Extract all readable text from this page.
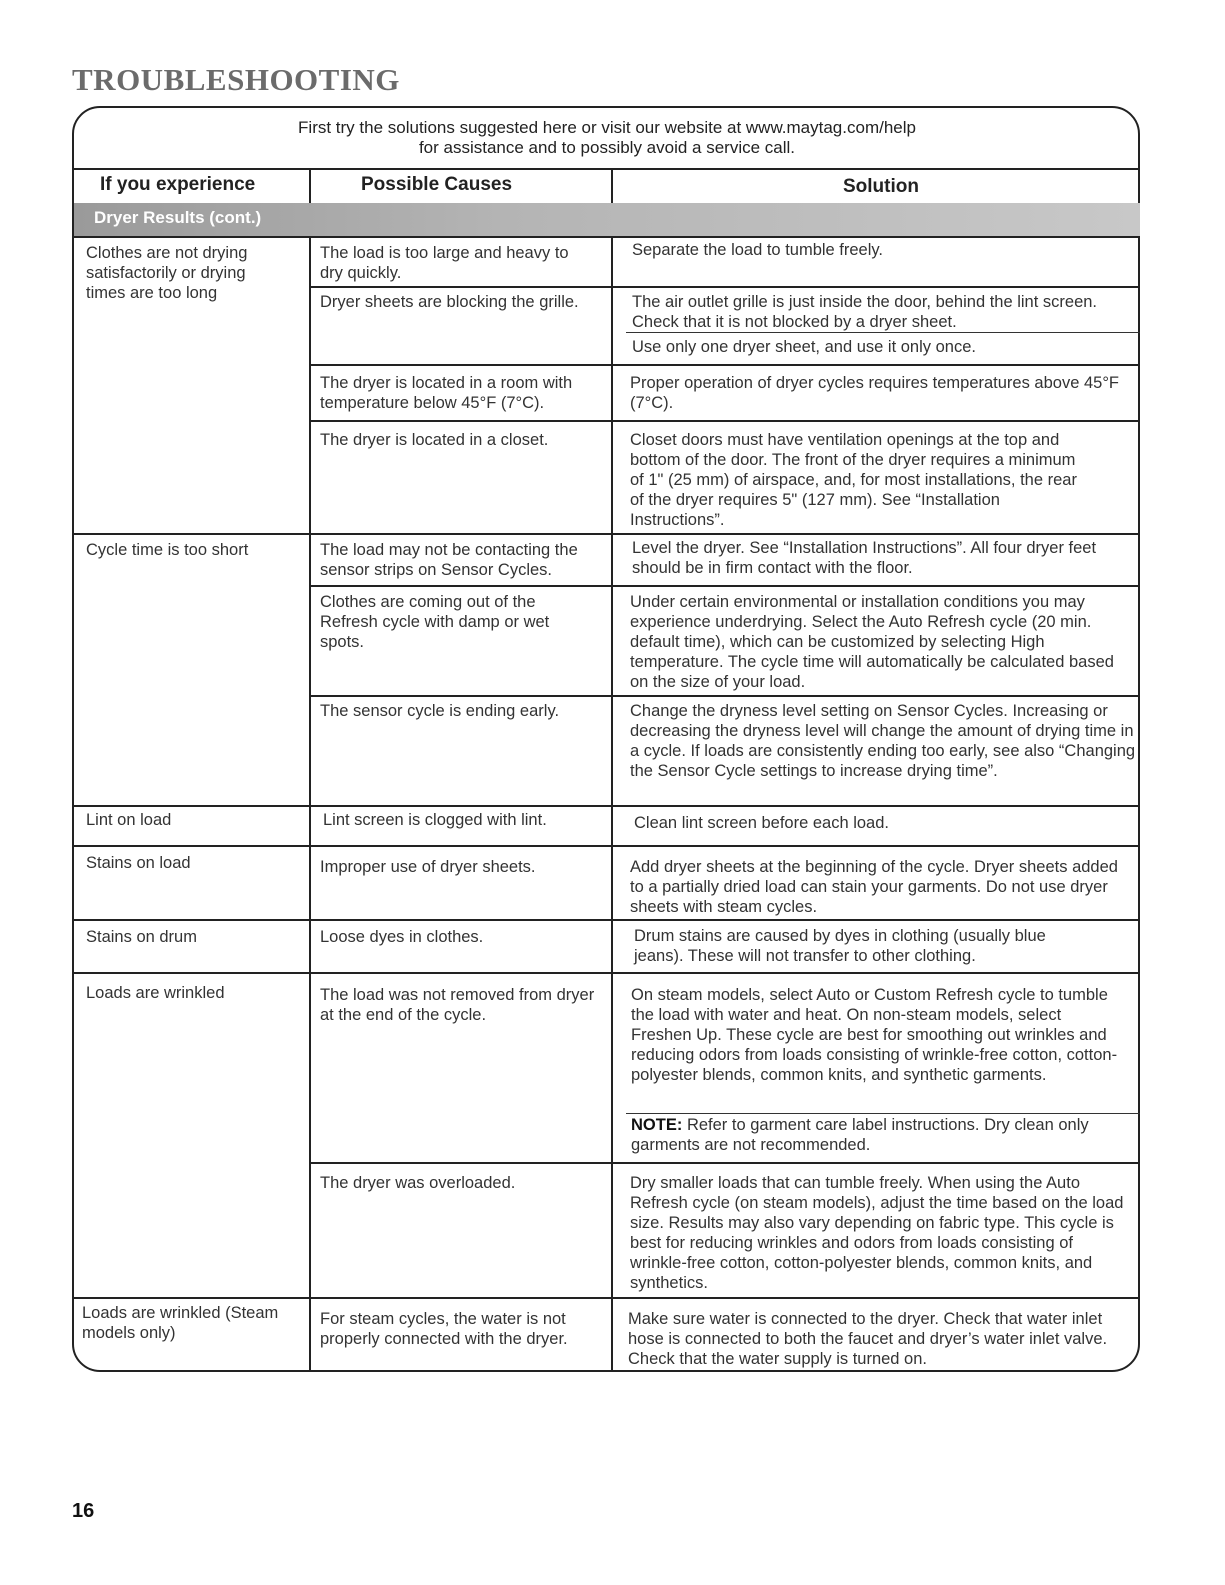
TROUBLESHOOTING
First try the solutions suggested here or visit our website at www.maytag.com/help
for assistance and to possibly avoid a service call.
If you experience	Possible Causes	Solution
Dryer Results (cont.)
Clothes are not drying satisfactorily or drying times are too long
Cycle time is too short
Lint on load
Stains on load
Stains on drum
Loads are wrinkled
Loads are wrinkled (Steam models only)
The load is too large and heavy to dry quickly.
Dryer sheets are blocking the grille.
The dryer is located in a room with temperature below 45°F (7°C).
The dryer is located in a closet.
The load may not be contacting the sensor strips on Sensor Cycles.
Clothes are coming out of the Refresh cycle with damp or wet spots.
The sensor cycle is ending early.
Lint screen is clogged with lint.
Improper use of dryer sheets.
Loose dyes in clothes.
The load was not removed from dryer at the end of the cycle.
The dryer was overloaded.
For steam cycles, the water is not properly connected with the dryer.
Separate the load to tumble freely.
The air outlet grille is just inside the door, behind the lint screen. Check that it is not blocked by a dryer sheet.
Use only one dryer sheet, and use it only once.
Proper operation of dryer cycles requires temperatures above 45°F (7°C).
Closet doors must have ventilation openings at the top and bottom of the door. The front of the dryer requires a minimum of 1" (25 mm) of airspace, and, for most installations, the rear of the dryer requires 5" (127 mm). See “Installation Instructions”.
Level the dryer. See “Installation Instructions”. All four dryer feet should be in firm contact with the floor.
Under certain environmental or installation conditions you may experience underdrying. Select the Auto Refresh cycle (20 min. default time), which can be customized by selecting High temperature. The cycle time will automatically be calculated based on the size of your load.
Change the dryness level setting on Sensor Cycles. Increasing or decreasing the dryness level will change the amount of drying time in a cycle. If loads are consistently ending too early, see also “Changing the Sensor Cycle settings to increase drying time”.
Clean lint screen before each load.
Add dryer sheets at the beginning of the cycle. Dryer sheets added to a partially dried load can stain your garments. Do not use dryer sheets with steam cycles.
Drum stains are caused by dyes in clothing (usually blue jeans). These will not transfer to other clothing.
On steam models, select Auto or Custom Refresh cycle to tumble the load with water and heat. On non-steam models, select Freshen Up. These cycle are best for smoothing out wrinkles and reducing odors from loads consisting of wrinkle-free cotton, cotton-polyester blends, common knits, and synthetic garments.
NOTE: Refer to garment care label instructions. Dry clean only garments are not recommended.
Dry smaller loads that can tumble freely. When using the Auto Refresh cycle (on steam models), adjust the time based on the load size. Results may also vary depending on fabric type. This cycle is best for reducing wrinkles and odors from loads consisting of wrinkle-free cotton, cotton-polyester blends, common knits, and synthetics.
Make sure water is connected to the dryer. Check that water inlet hose is connected to both the faucet and dryer’s water inlet valve. Check that the water supply is turned on.
16
